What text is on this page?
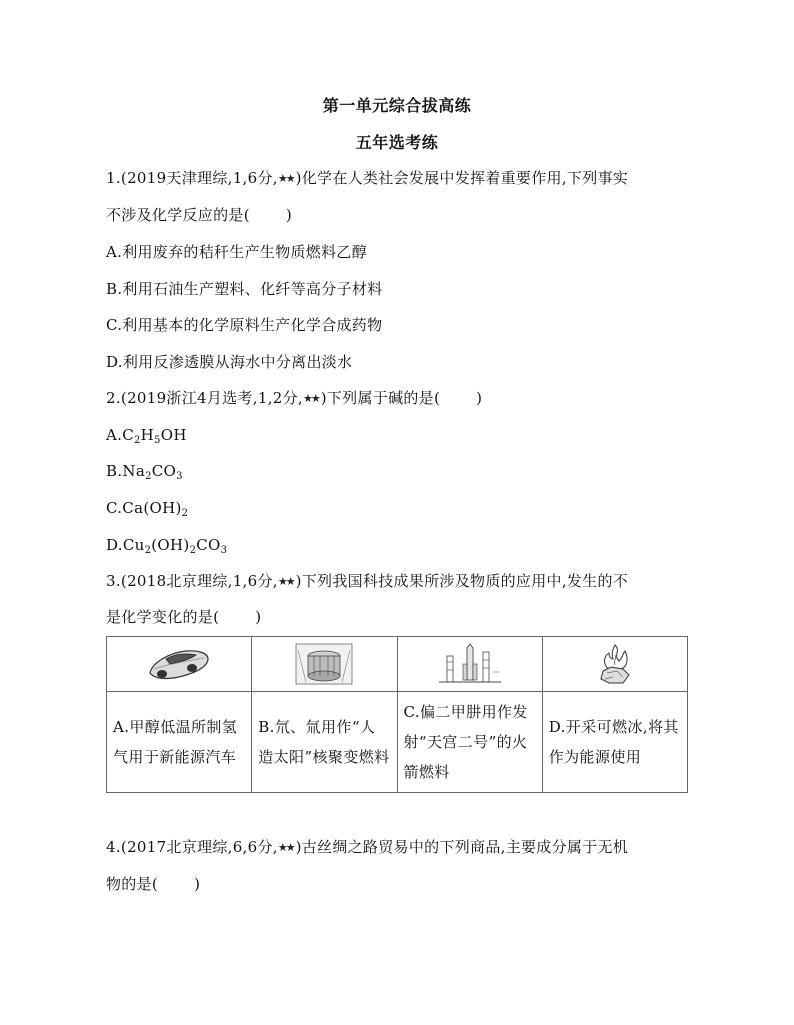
第一单元综合拔高练
五年选考练
1.(2019天津理综,1,6分,★★ )化学在人类社会发展中发挥着重要作用,下列事实
不涉及化学反应的是( )
A.利用废弃的秸秆生产生物质燃料乙醇
B.利用石油生产塑料、化纤等高分子材料
C.利用基本的化学原料生产化学合成药物
D.利用反渗透膜从海水中分离出淡水
2.(2019浙江4月选考,1,2分,★★ )下列属于碱的是( )
$A.C_2H_5OH$
$B.Na_2CO_3$
$C.Ca(OH)_2$
$D.Cu_2(OH)_2CO_3$
3.(2018北京理综,1,6分,★★ )下列我国科技成果所涉及物质的应用中,发生的不
是化学变化的是( )

A.甲醇低温所制氢气用于新能源汽车	B.氘、氚用作“人造太阳”核聚变燃料	C.偏二甲肼用作发射“天宫二号”的火箭燃料	D.开采可燃冰,将其作为能源使用
4.(2017北京理综,6,6分,★★ )古丝绸之路贸易中的下列商品,主要成分属于无机
物的是( )
